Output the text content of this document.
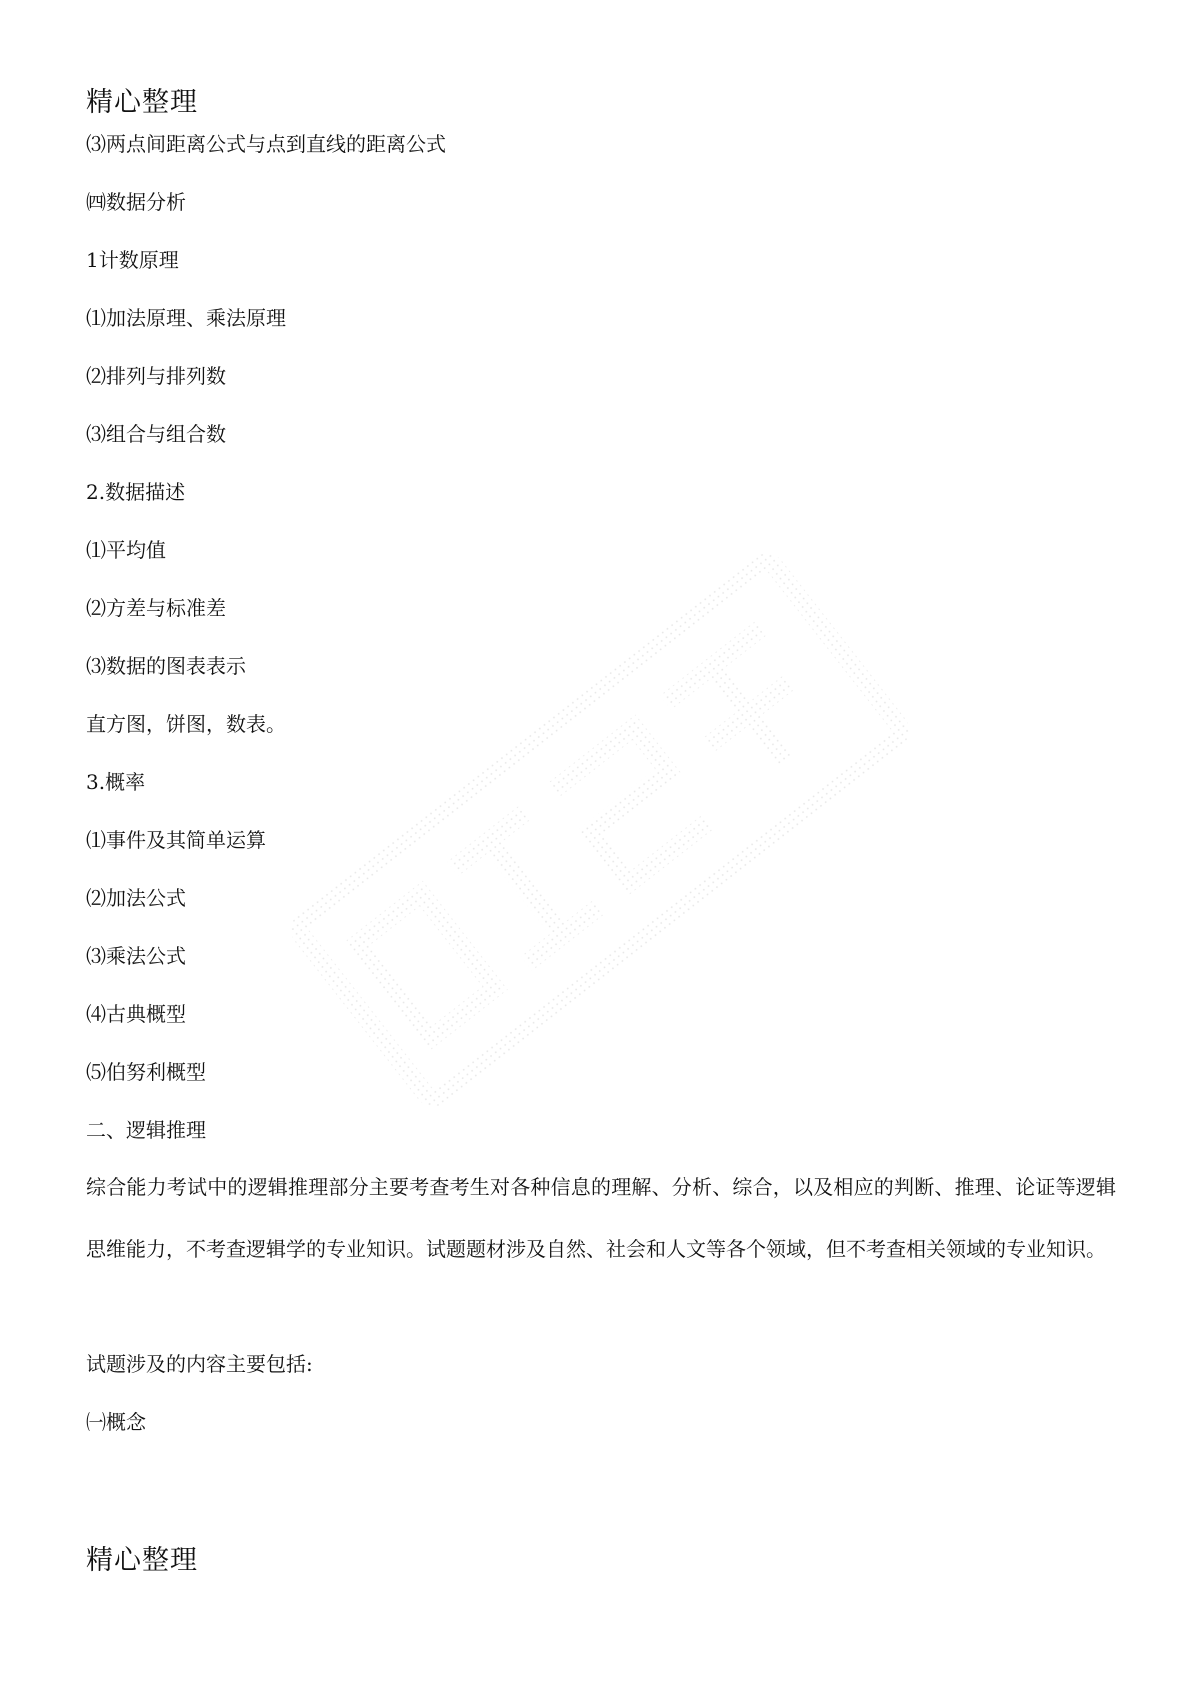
精心整理

⑶两点间距离公式与点到直线的距离公式

㈣数据分析

1计数原理

⑴加法原理、乘法原理

⑵排列与排列数

⑶组合与组合数

2.数据描述

⑴平均值

⑵方差与标准差

⑶数据的图表表示

直方图，饼图，数表。

3.概率

⑴事件及其简单运算

⑵加法公式

⑶乘法公式

⑷古典概型

⑸伯努利概型

二、逻辑推理

综合能力考试中的逻辑推理部分主要考查考生对各种信息的理解、分析、综合，以及相应的判断、推理、论证等逻辑思维能力，不考查逻辑学的专业知识。试题题材涉及自然、社会和人文等各个领域，但不考查相关领域的专业知识。

试题涉及的内容主要包括:

㈠概念

精心整理
